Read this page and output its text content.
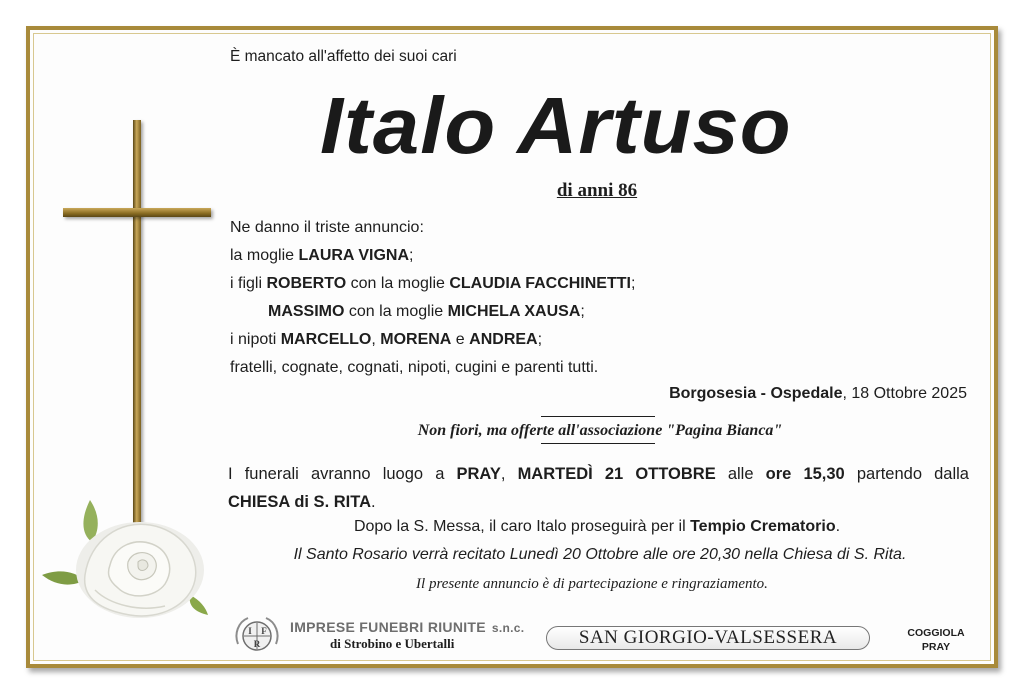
È mancato all'affetto dei suoi cari
Italo Artuso
di anni 86
Ne danno il triste annuncio:
la moglie LAURA VIGNA;
i figli ROBERTO con la moglie CLAUDIA FACCHINETTI;
MASSIMO con la moglie MICHELA XAUSA;
i nipoti MARCELLO, MORENA e ANDREA;
fratelli, cognate, cognati, nipoti, cugini e parenti tutti.
Borgosesia - Ospedale, 18 Ottobre 2025
Non fiori, ma offerte all'associazione "Pagina Bianca"
I funerali avranno luogo a PRAY, MARTEDÌ 21 OTTOBRE alle ore 15,30 partendo dalla
CHIESA di S. RITA.
Dopo la S. Messa, il caro Italo proseguirà per il Tempio Crematorio.
Il Santo Rosario verrà recitato Lunedì 20 Ottobre alle ore 20,30 nella Chiesa di S. Rita.
Il presente annuncio è di partecipazione e ringraziamento.
I F
R
IMPRESE FUNEBRI RIUNITE s.n.c.
di Strobino e Ubertalli	SAN GIORGIO-VALSESSERA	COGGIOLA
PRAY
